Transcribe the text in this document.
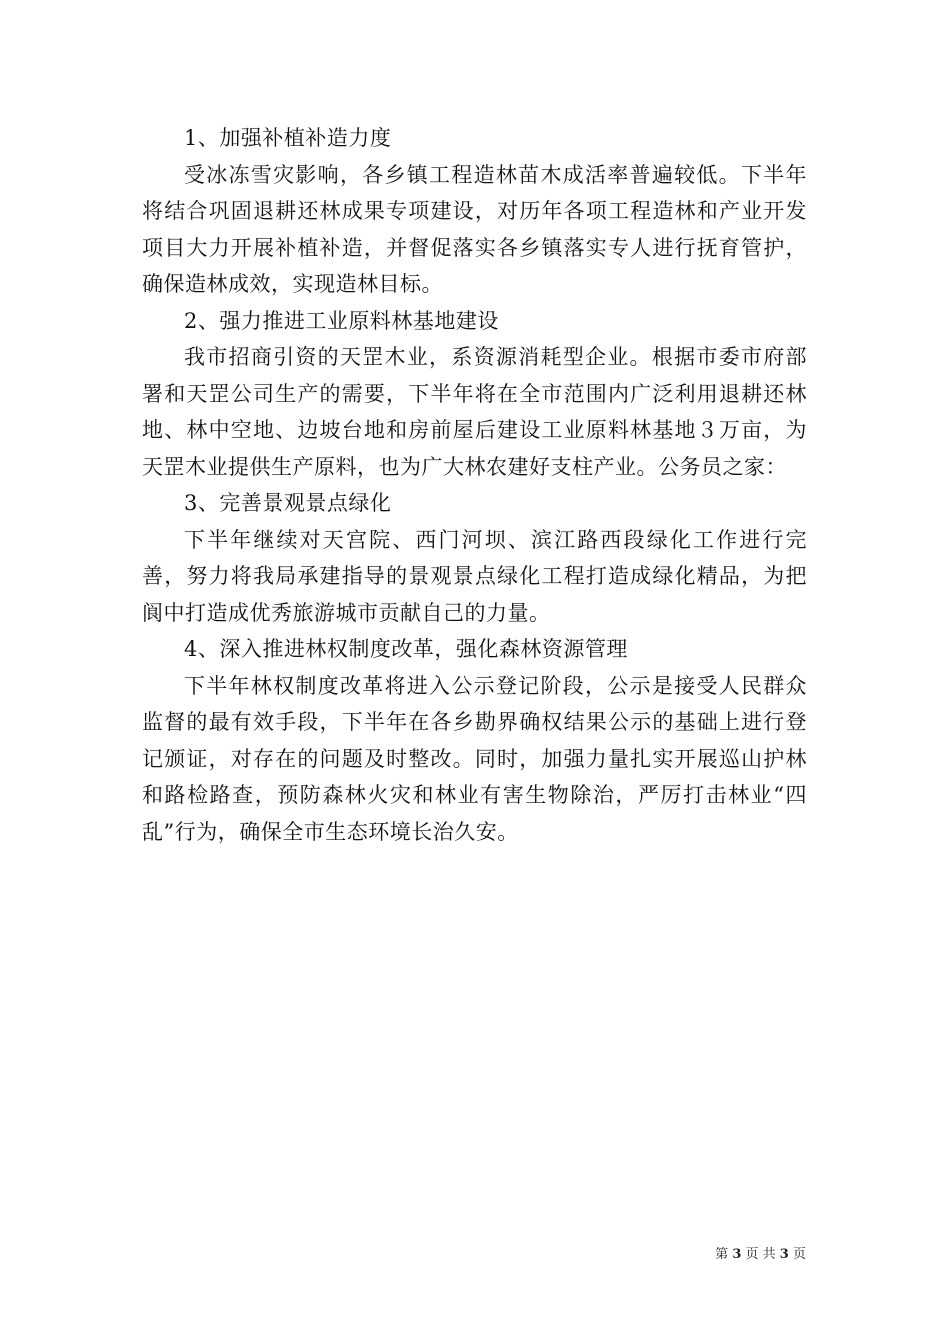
1、加强补植补造力度

受冰冻雪灾影响，各乡镇工程造林苗木成活率普遍较低。下半年将结合巩固退耕还林成果专项建设，对历年各项工程造林和产业开发项目大力开展补植补造，并督促落实各乡镇落实专人进行抚育管护，确保造林成效，实现造林目标。

2、强力推进工业原料林基地建设

我市招商引资的天罡木业，系资源消耗型企业。根据市委市府部署和天罡公司生产的需要，下半年将在全市范围内广泛利用退耕还林地、林中空地、边坡台地和房前屋后建设工业原料林基地３万亩，为天罡木业提供生产原料，也为广大林农建好支柱产业。公务员之家：

3、完善景观景点绿化

下半年继续对天宫院、西门河坝、滨江路西段绿化工作进行完善，努力将我局承建指导的景观景点绿化工程打造成绿化精品，为把阆中打造成优秀旅游城市贡献自己的力量。

4、深入推进林权制度改革，强化森林资源管理

下半年林权制度改革将进入公示登记阶段，公示是接受人民群众监督的最有效手段，下半年在各乡勘界确权结果公示的基础上进行登记颁证，对存在的问题及时整改。同时，加强力量扎实开展巡山护林和路检路查，预防森林火灾和林业有害生物除治，严厉打击林业“四乱”行为，确保全市生态环境长治久安。

第 3 页 共 3 页
